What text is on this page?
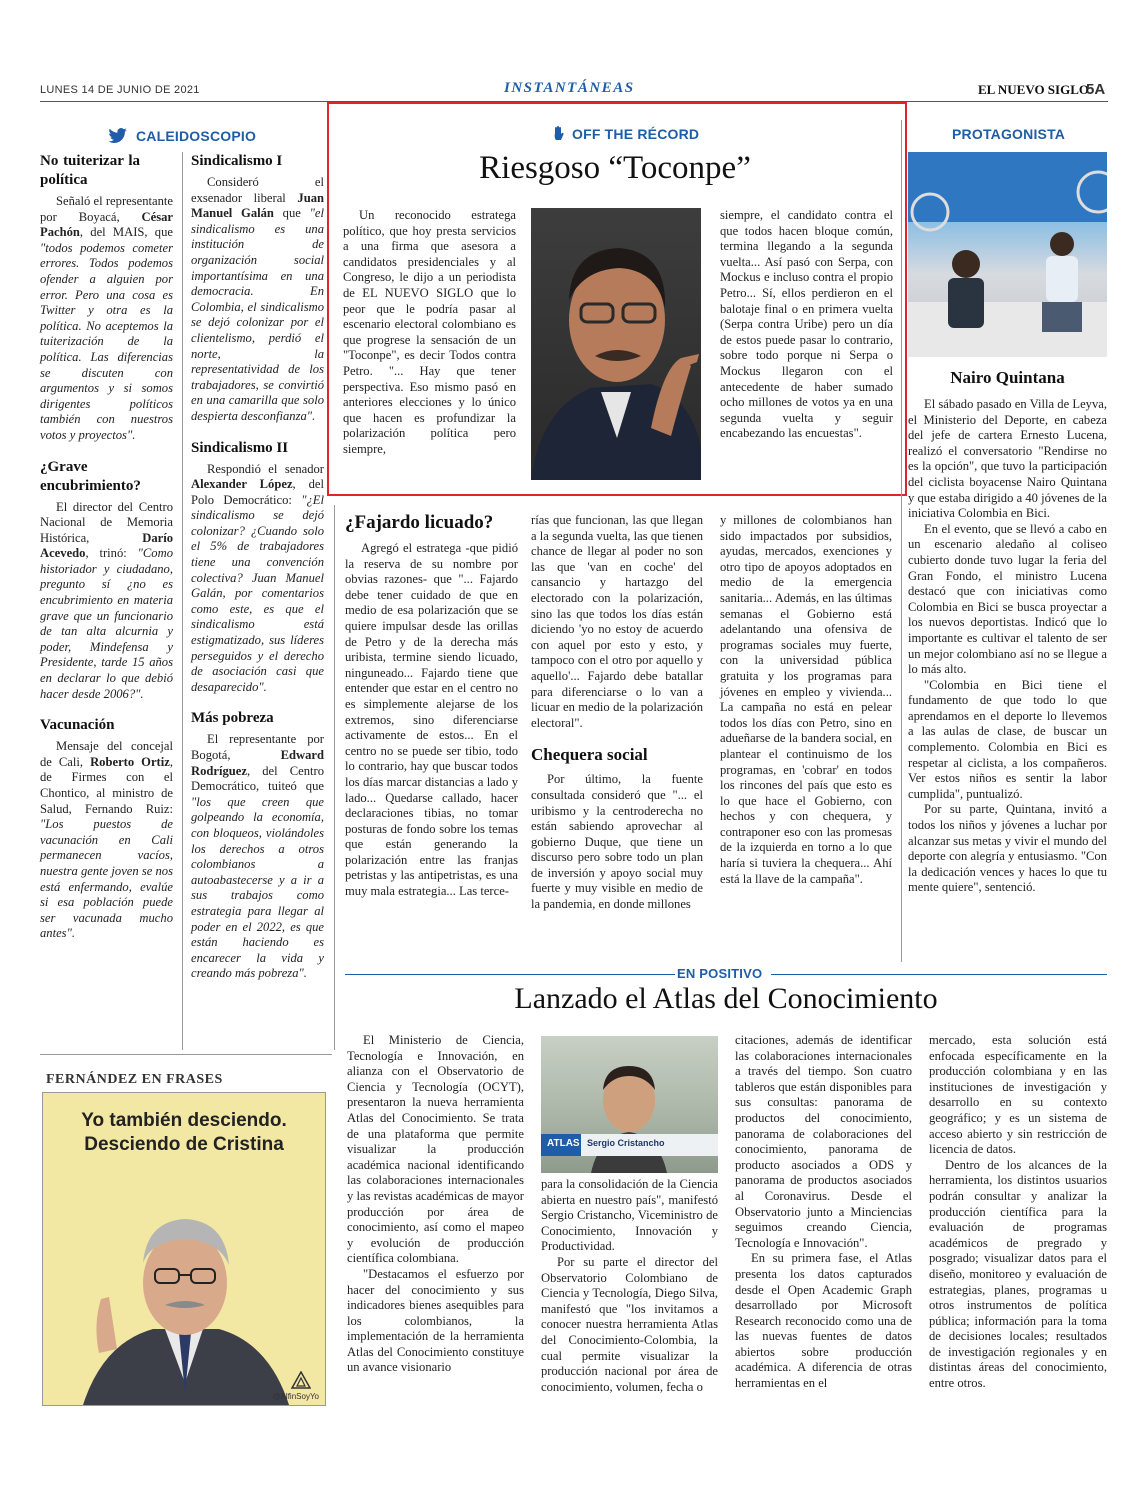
LUNES 14 DE JUNIO DE 2021	INSTANTÁNEAS	EL NUEVO SIGLO
5A
CALEIDOSCOPIO
No tuiterizar la política

Señaló el representante por Boyacá, César Pachón, del MAIS, que "todos podemos cometer errores. Todos podemos ofender a alguien por error. Pero una cosa es Twitter y otra es la política. No aceptemos la tuiterización de la política. Las diferencias se discuten con argumentos y si somos dirigentes políticos también con nuestros votos y proyectos".

¿Grave encubrimiento?

El director del Centro Nacional de Memoria Histórica, Darío Acevedo, trinó: "Como historiador y ciudadano, pregunto sí ¿no es encubrimiento en materia grave que un funcionario de tan alta alcurnia y poder, Mindefensa y Presidente, tarde 15 años en declarar lo que debió hacer desde 2006?".

Vacunación

Mensaje del concejal de Cali, Roberto Ortiz, de Firmes con el Chontico, al ministro de Salud, Fernando Ruiz: "Los puestos de vacunación en Cali permanecen vacíos, nuestra gente joven se nos está enfermando, evalúe si esa población puede ser vacunada mucho antes".

Sindicalismo I

Consideró el exsenador liberal Juan Manuel Galán que "el sindicalismo es una institución de organización social importantísima en una democracia. En Colombia, el sindicalismo se dejó colonizar por el clientelismo, perdió el norte, la representatividad de los trabajadores, se convirtió en una camarilla que solo despierta desconfianza".

Sindicalismo II

Respondió el senador Alexander López, del Polo Democrático: "¿El sindicalismo se dejó colonizar? ¿Cuando solo el 5% de trabajadores tiene una convención colectiva? Juan Manuel Galán, por comentarios como este, es que el sindicalismo está estigmatizado, sus líderes perseguidos y el derecho de asociación casi que desaparecido".

Más pobreza

El representante por Bogotá, Edward Rodríguez, del Centro Democrático, tuiteó que "los que creen que golpeando la economía, con bloqueos, violándoles los derechos a otros colombianos a autoabastecerse y a ir a sus trabajos como estrategia para llegar al poder en el 2022, es que están haciendo es encarecer la vida y creando más pobreza".

FERNÁNDEZ EN FRASES
Yo también desciendo.
Desciendo de Cristina
@AlfinSoyYo
OFF THE RÉCORD
Riesgoso “Toconpe”

Un reconocido estratega político, que hoy presta servicios a una firma que asesora a candidatos presidenciales y al Congreso, le dijo a un periodista de EL NUEVO SIGLO que lo peor que le podría pasar al escenario electoral colombiano es que progrese la sensación de un "Toconpe", es decir Todos contra Petro. "... Hay que tener perspectiva. Eso mismo pasó en anteriores elecciones y lo único que hacen es profundizar la polarización política pero siempre,

siempre, el candidato contra el que todos hacen bloque común, termina llegando a la segunda vuelta... Así pasó con Serpa, con Mockus e incluso contra el propio Petro... Sí, ellos perdieron en el balotaje final o en primera vuelta (Serpa contra Uribe) pero un día de estos puede pasar lo contrario, sobre todo porque ni Serpa o Mockus llegaron con el antecedente de haber sumado ocho millones de votos ya en una segunda vuelta y seguir encabezando las encuestas".

¿Fajardo licuado?

Agregó el estratega -que pidió la reserva de su nombre por obvias razones- que "... Fajardo debe tener cuidado de que en medio de esa polarización que se quiere impulsar desde las orillas de Petro y de la derecha más uribista, termine siendo licuado, ninguneado... Fajardo tiene que entender que estar en el centro no es simplemente alejarse de los extremos, sino diferenciarse activamente de estos... En el centro no se puede ser tibio, todo lo contrario, hay que buscar todos los días marcar distancias a lado y lado... Quedarse callado, hacer declaraciones tibias, no tomar posturas de fondo sobre los temas que están generando la polarización entre las franjas petristas y las antipetristas, es una muy mala estrategia... Las terce-

rías que funcionan, las que llegan a la segunda vuelta, las que tienen chance de llegar al poder no son las que 'van en coche' del cansancio y hartazgo del electorado con la polarización, sino las que todos los días están diciendo 'yo no estoy de acuerdo con aquel por esto y esto, y tampoco con el otro por aquello y aquello'... Fajardo debe batallar para diferenciarse o lo van a licuar en medio de la polarización electoral".

Chequera social

Por último, la fuente consultada consideró que "... el uribismo y la centroderecha no están sabiendo aprovechar al gobierno Duque, que tiene un discurso pero sobre todo un plan de inversión y apoyo social muy fuerte y muy visible en medio de la pandemia, en donde millones

y millones de colombianos han sido impactados por subsidios, ayudas, mercados, exenciones y otro tipo de apoyos adoptados en medio de la emergencia sanitaria... Además, en las últimas semanas el Gobierno está adelantando una ofensiva de programas sociales muy fuerte, con la universidad pública gratuita y los programas para jóvenes en empleo y vivienda... La campaña no está en pelear todos los días con Petro, sino en adueñarse de la bandera social, en plantear el continuismo de los programas, en 'cobrar' en todos los rincones del país que esto es lo que hace el Gobierno, con hechos y con chequera, y contraponer eso con las promesas de la izquierda en torno a lo que haría si tuviera la chequera... Ahí está la llave de la campaña".

PROTAGONISTA
Nairo Quintana

El sábado pasado en Villa de Leyva, el Ministerio del Deporte, en cabeza del jefe de cartera Ernesto Lucena, realizó el conversatorio "Rendirse no es la opción", que tuvo la participación del ciclista boyacense Nairo Quintana y que estaba dirigido a 40 jóvenes de la iniciativa Colombia en Bici.

En el evento, que se llevó a cabo en un escenario aledaño al coliseo cubierto donde tuvo lugar la feria del Gran Fondo, el ministro Lucena destacó que con iniciativas como Colombia en Bici se busca proyectar a los nuevos deportistas. Indicó que lo importante es cultivar el talento de ser un mejor colombiano así no se llegue a lo más alto.

"Colombia en Bici tiene el fundamento de que todo lo que aprendamos en el deporte lo llevemos a las aulas de clase, de buscar un complemento. Colombia en Bici es respetar al ciclista, a los compañeros. Ver estos niños es sentir la labor cumplida", puntualizó.

Por su parte, Quintana, invitó a todos los niños y jóvenes a luchar por alcanzar sus metas y vivir el mundo del deporte con alegría y entusiasmo. "Con la dedicación vences y haces lo que tu mente quiere", sentenció.

EN POSITIVO
Lanzado el Atlas del Conocimiento

El Ministerio de Ciencia, Tecnología e Innovación, en alianza con el Observatorio de Ciencia y Tecnología (OCYT), presentaron la nueva herramienta Atlas del Conocimiento. Se trata de una plataforma que permite visualizar la producción académica nacional identificando las colaboraciones internacionales y las revistas académicas de mayor producción por área de conocimiento, así como el mapeo y evolución de producción científica colombiana.

"Destacamos el esfuerzo por hacer del conocimiento y sus indicadores bienes asequibles para los colombianos, la implementación de la herramienta Atlas del Conocimiento constituye un avance visionario

ATLAS Sergio Cristancho

para la consolidación de la Ciencia abierta en nuestro país", manifestó Sergio Cristancho, Viceministro de Conocimiento, Innovación y Productividad.

Por su parte el director del Observatorio Colombiano de Ciencia y Tecnología, Diego Silva, manifestó que "los invitamos a conocer nuestra herramienta Atlas del Conocimiento-Colombia, la cual permite visualizar la producción nacional por área de conocimiento, volumen, fecha o

citaciones, además de identificar las colaboraciones internacionales a través del tiempo. Son cuatro tableros que están disponibles para sus consultas: panorama de productos del conocimiento, panorama de colaboraciones del conocimiento, panorama de producto asociados a ODS y panorama de productos asociados al Coronavirus. Desde el Observatorio junto a Minciencias seguimos creando Ciencia, Tecnología e Innovación".

En su primera fase, el Atlas presenta los datos capturados desde el Open Academic Graph desarrollado por Microsoft Research reconocido como una de las nuevas fuentes de datos abiertos sobre producción académica. A diferencia de otras herramientas en el

mercado, esta solución está enfocada específicamente en la producción colombiana y en las instituciones de investigación y desarrollo en su contexto geográfico; y es un sistema de acceso abierto y sin restricción de licencia de datos.

Dentro de los alcances de la herramienta, los distintos usuarios podrán consultar y analizar la producción científica para la evaluación de programas académicos de pregrado y posgrado; visualizar datos para el diseño, monitoreo y evaluación de estrategias, planes, programas u otros instrumentos de política pública; información para la toma de decisiones locales; resultados de investigación regionales y en distintas áreas del conocimiento, entre otros.
